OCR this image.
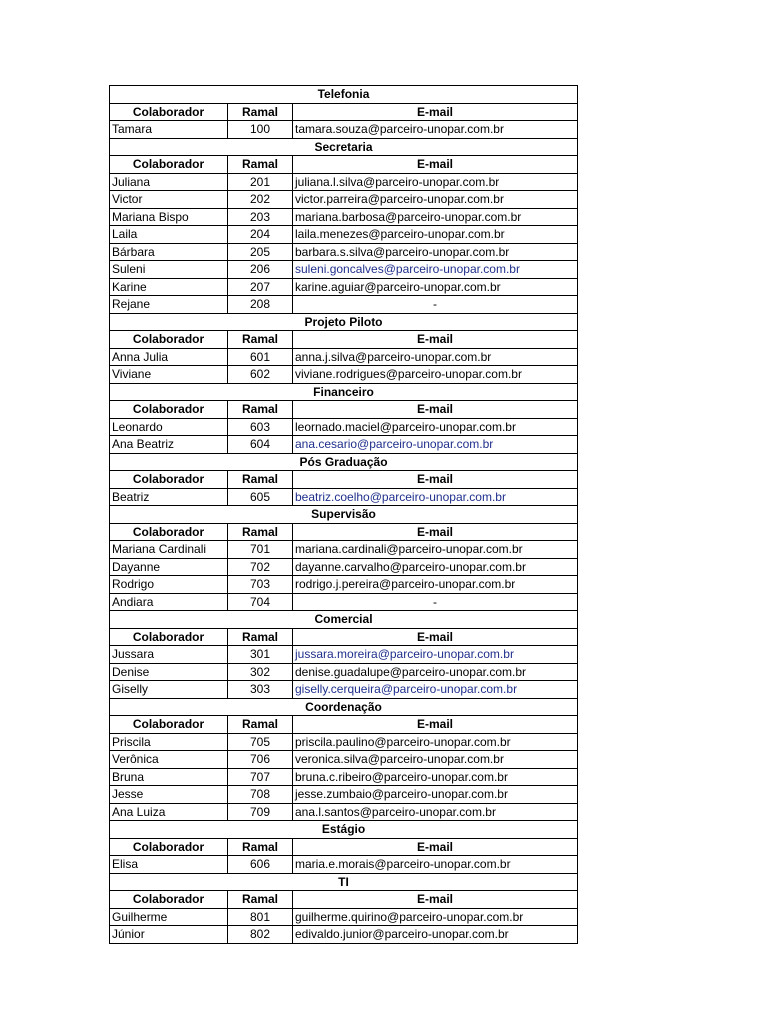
Telefonia		
Colaborador	Ramal	E-mail
Tamara	100	tamara.souza@parceiro-unopar.com.br
Secretaria		
Colaborador	Ramal	E-mail
Juliana	201	juliana.l.silva@parceiro-unopar.com.br
Victor	202	victor.parreira@parceiro-unopar.com.br
Mariana Bispo	203	mariana.barbosa@parceiro-unopar.com.br
Laila	204	laila.menezes@parceiro-unopar.com.br
Bárbara	205	barbara.s.silva@parceiro-unopar.com.br
Suleni	206	suleni.goncalves@parceiro-unopar.com.br
Karine	207	karine.aguiar@parceiro-unopar.com.br
Rejane	208	-
Projeto Piloto		
Colaborador	Ramal	E-mail
Anna Julia	601	anna.j.silva@parceiro-unopar.com.br
Viviane	602	viviane.rodrigues@parceiro-unopar.com.br
Financeiro		
Colaborador	Ramal	E-mail
Leonardo	603	leornado.maciel@parceiro-unopar.com.br
Ana Beatriz	604	ana.cesario@parceiro-unopar.com.br
Pós Graduação		
Colaborador	Ramal	E-mail
Beatriz	605	beatriz.coelho@parceiro-unopar.com.br
Supervisão		
Colaborador	Ramal	E-mail
Mariana Cardinali	701	mariana.cardinali@parceiro-unopar.com.br
Dayanne	702	dayanne.carvalho@parceiro-unopar.com.br
Rodrigo	703	rodrigo.j.pereira@parceiro-unopar.com.br
Andiara	704	-
Comercial		
Colaborador	Ramal	E-mail
Jussara	301	jussara.moreira@parceiro-unopar.com.br
Denise	302	denise.guadalupe@parceiro-unopar.com.br
Giselly	303	giselly.cerqueira@parceiro-unopar.com.br
Coordenação		
Colaborador	Ramal	E-mail
Priscila	705	priscila.paulino@parceiro-unopar.com.br
Verônica	706	veronica.silva@parceiro-unopar.com.br
Bruna	707	bruna.c.ribeiro@parceiro-unopar.com.br
Jesse	708	jesse.zumbaio@parceiro-unopar.com.br
Ana Luiza	709	ana.l.santos@parceiro-unopar.com.br
Estágio		
Colaborador	Ramal	E-mail
Elisa	606	maria.e.morais@parceiro-unopar.com.br
TI		
Colaborador	Ramal	E-mail
Guilherme	801	guilherme.quirino@parceiro-unopar.com.br
Júnior	802	edivaldo.junior@parceiro-unopar.com.br
